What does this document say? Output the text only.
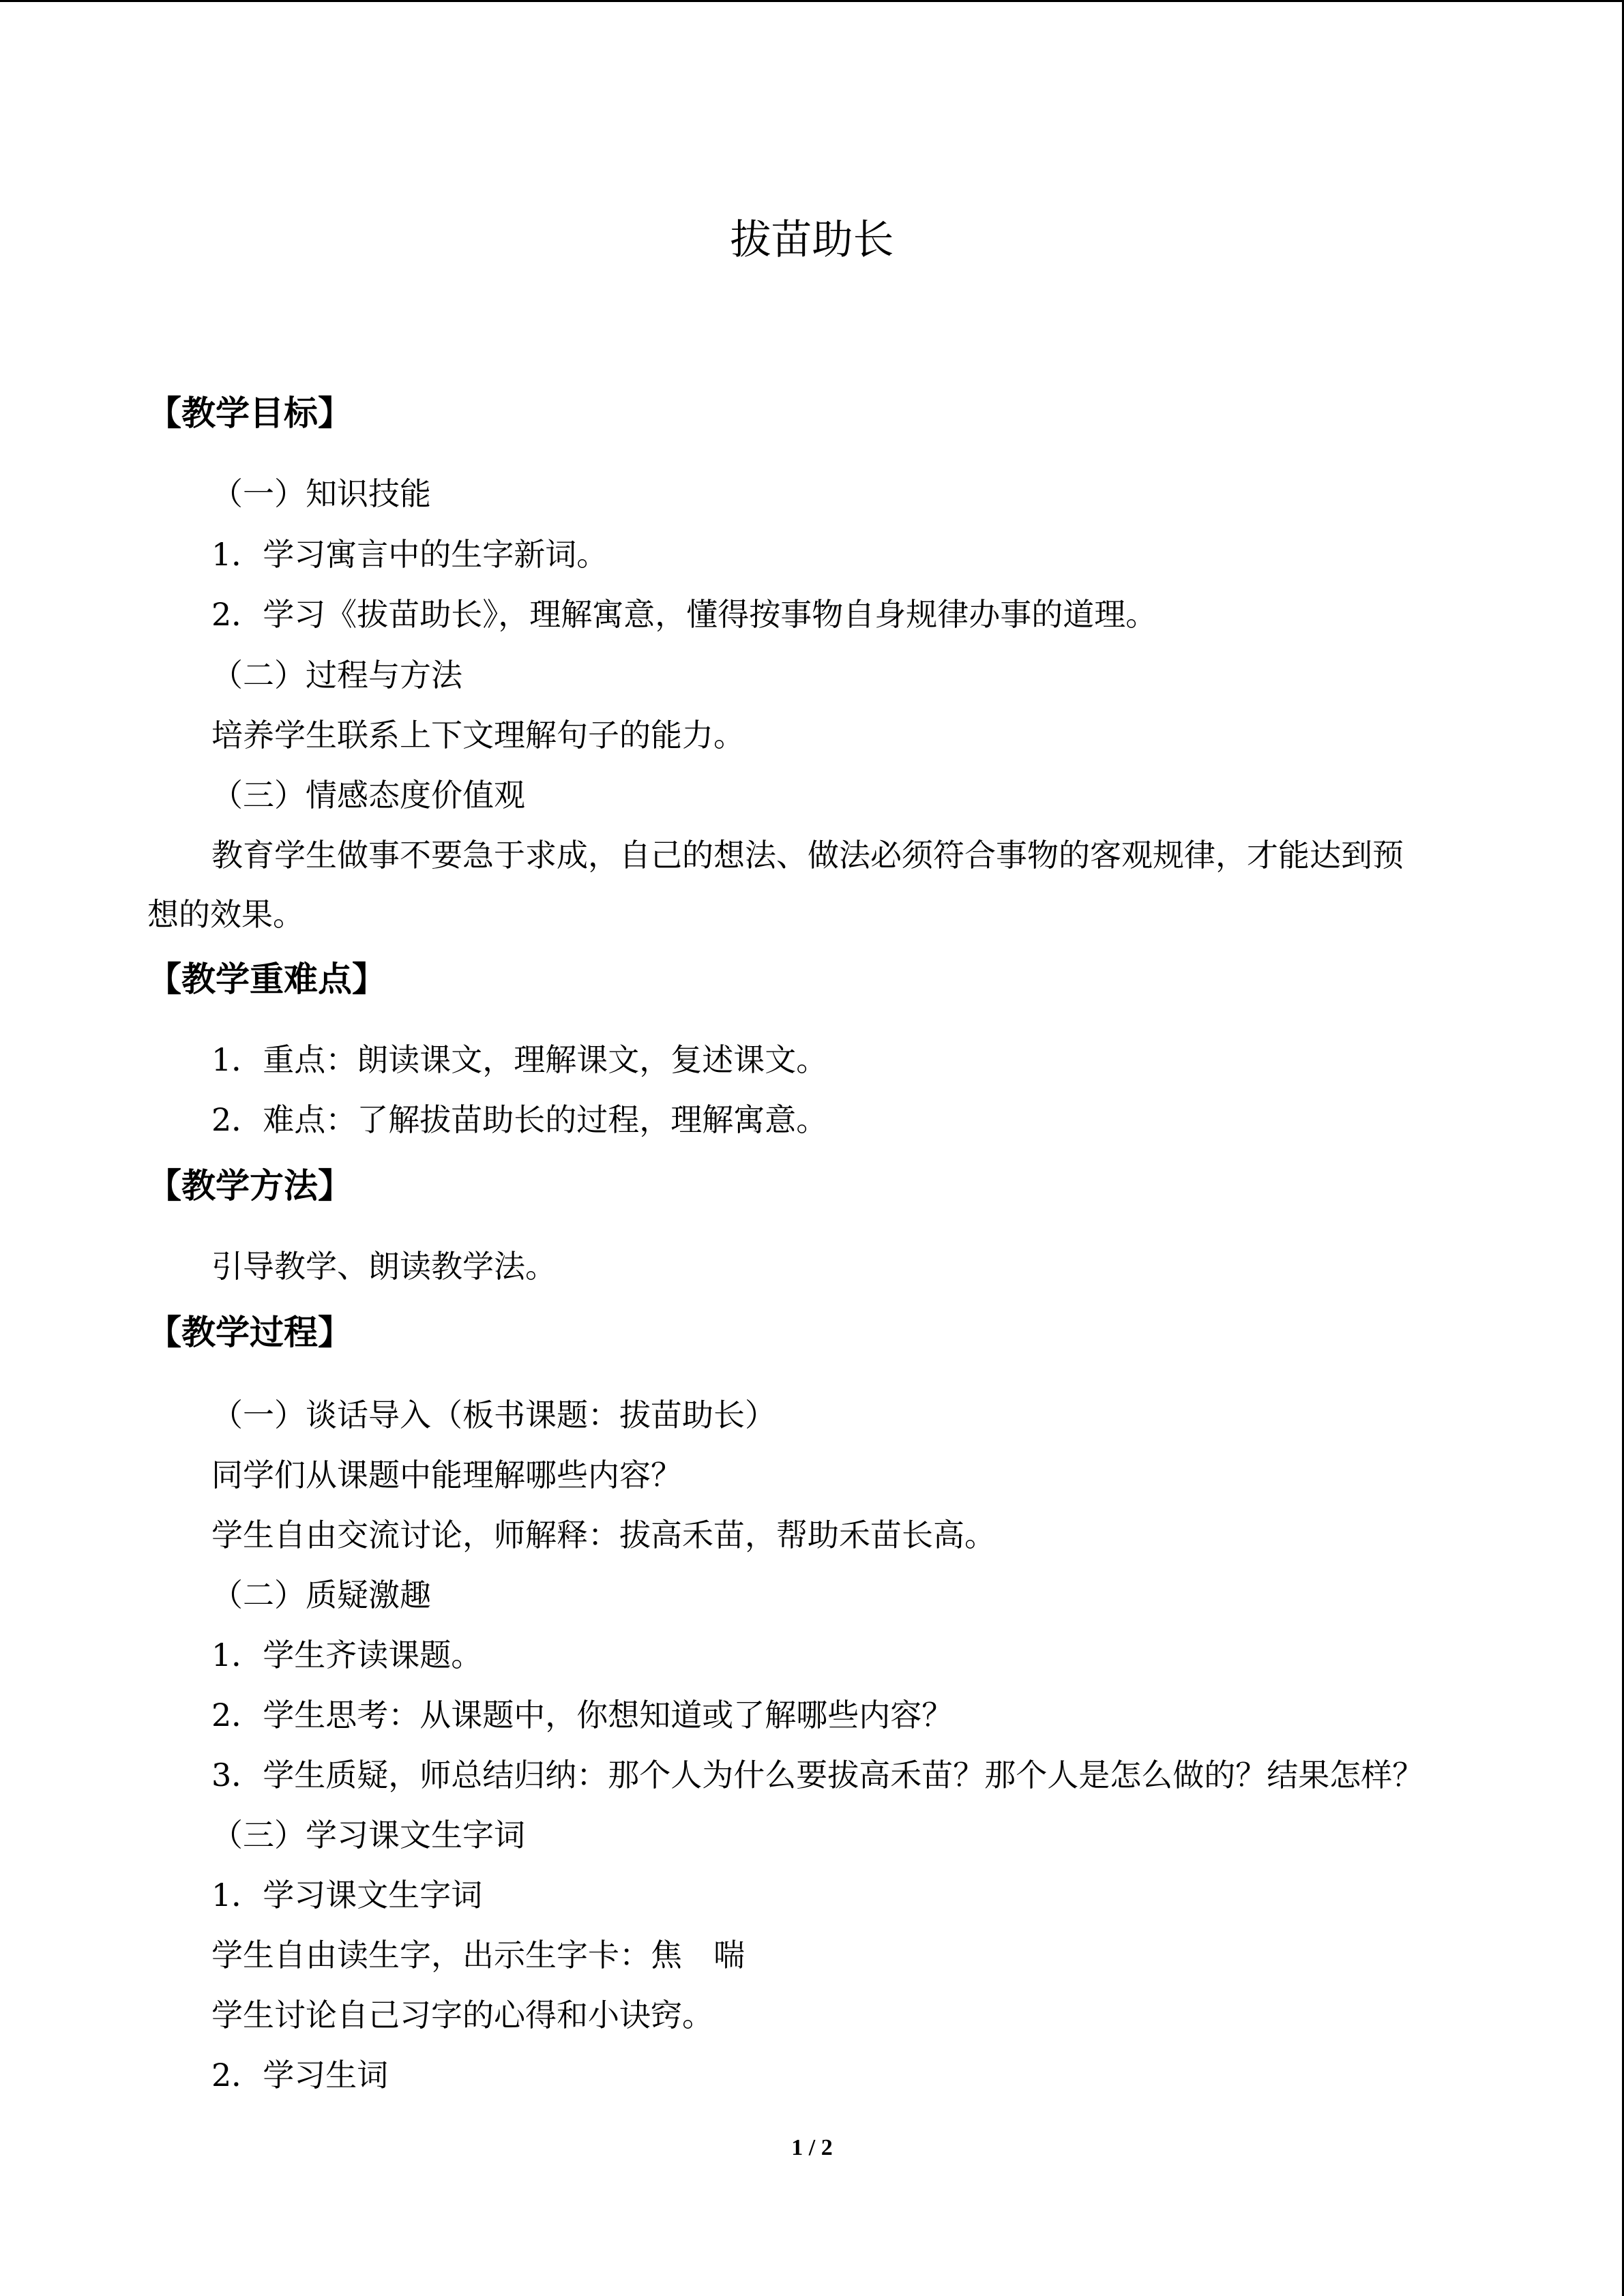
拔苗助长
【教学目标】
（一）知识技能
1．学习寓言中的生字新词。
2．学习《拔苗助长》，理解寓意，懂得按事物自身规律办事的道理。
（二）过程与方法
培养学生联系上下文理解句子的能力。
（三）情感态度价值观
教育学生做事不要急于求成，自己的想法、做法必须符合事物的客观规律，才能达到预
想的效果。
【教学重难点】
1．重点：朗读课文，理解课文，复述课文。
2．难点：了解拔苗助长的过程，理解寓意。
【教学方法】
引导教学、朗读教学法。
【教学过程】
（一）谈话导入（板书课题：拔苗助长）
同学们从课题中能理解哪些内容？
学生自由交流讨论，师解释：拔高禾苗，帮助禾苗长高。
（二）质疑激趣
1．学生齐读课题。
2．学生思考：从课题中，你想知道或了解哪些内容？
3．学生质疑，师总结归纳：那个人为什么要拔高禾苗？那个人是怎么做的？结果怎样？
（三）学习课文生字词
1．学习课文生字词
学生自由读生字，出示生字卡：焦　喘
学生讨论自己习字的心得和小诀窍。
2．学习生词
1 / 2
